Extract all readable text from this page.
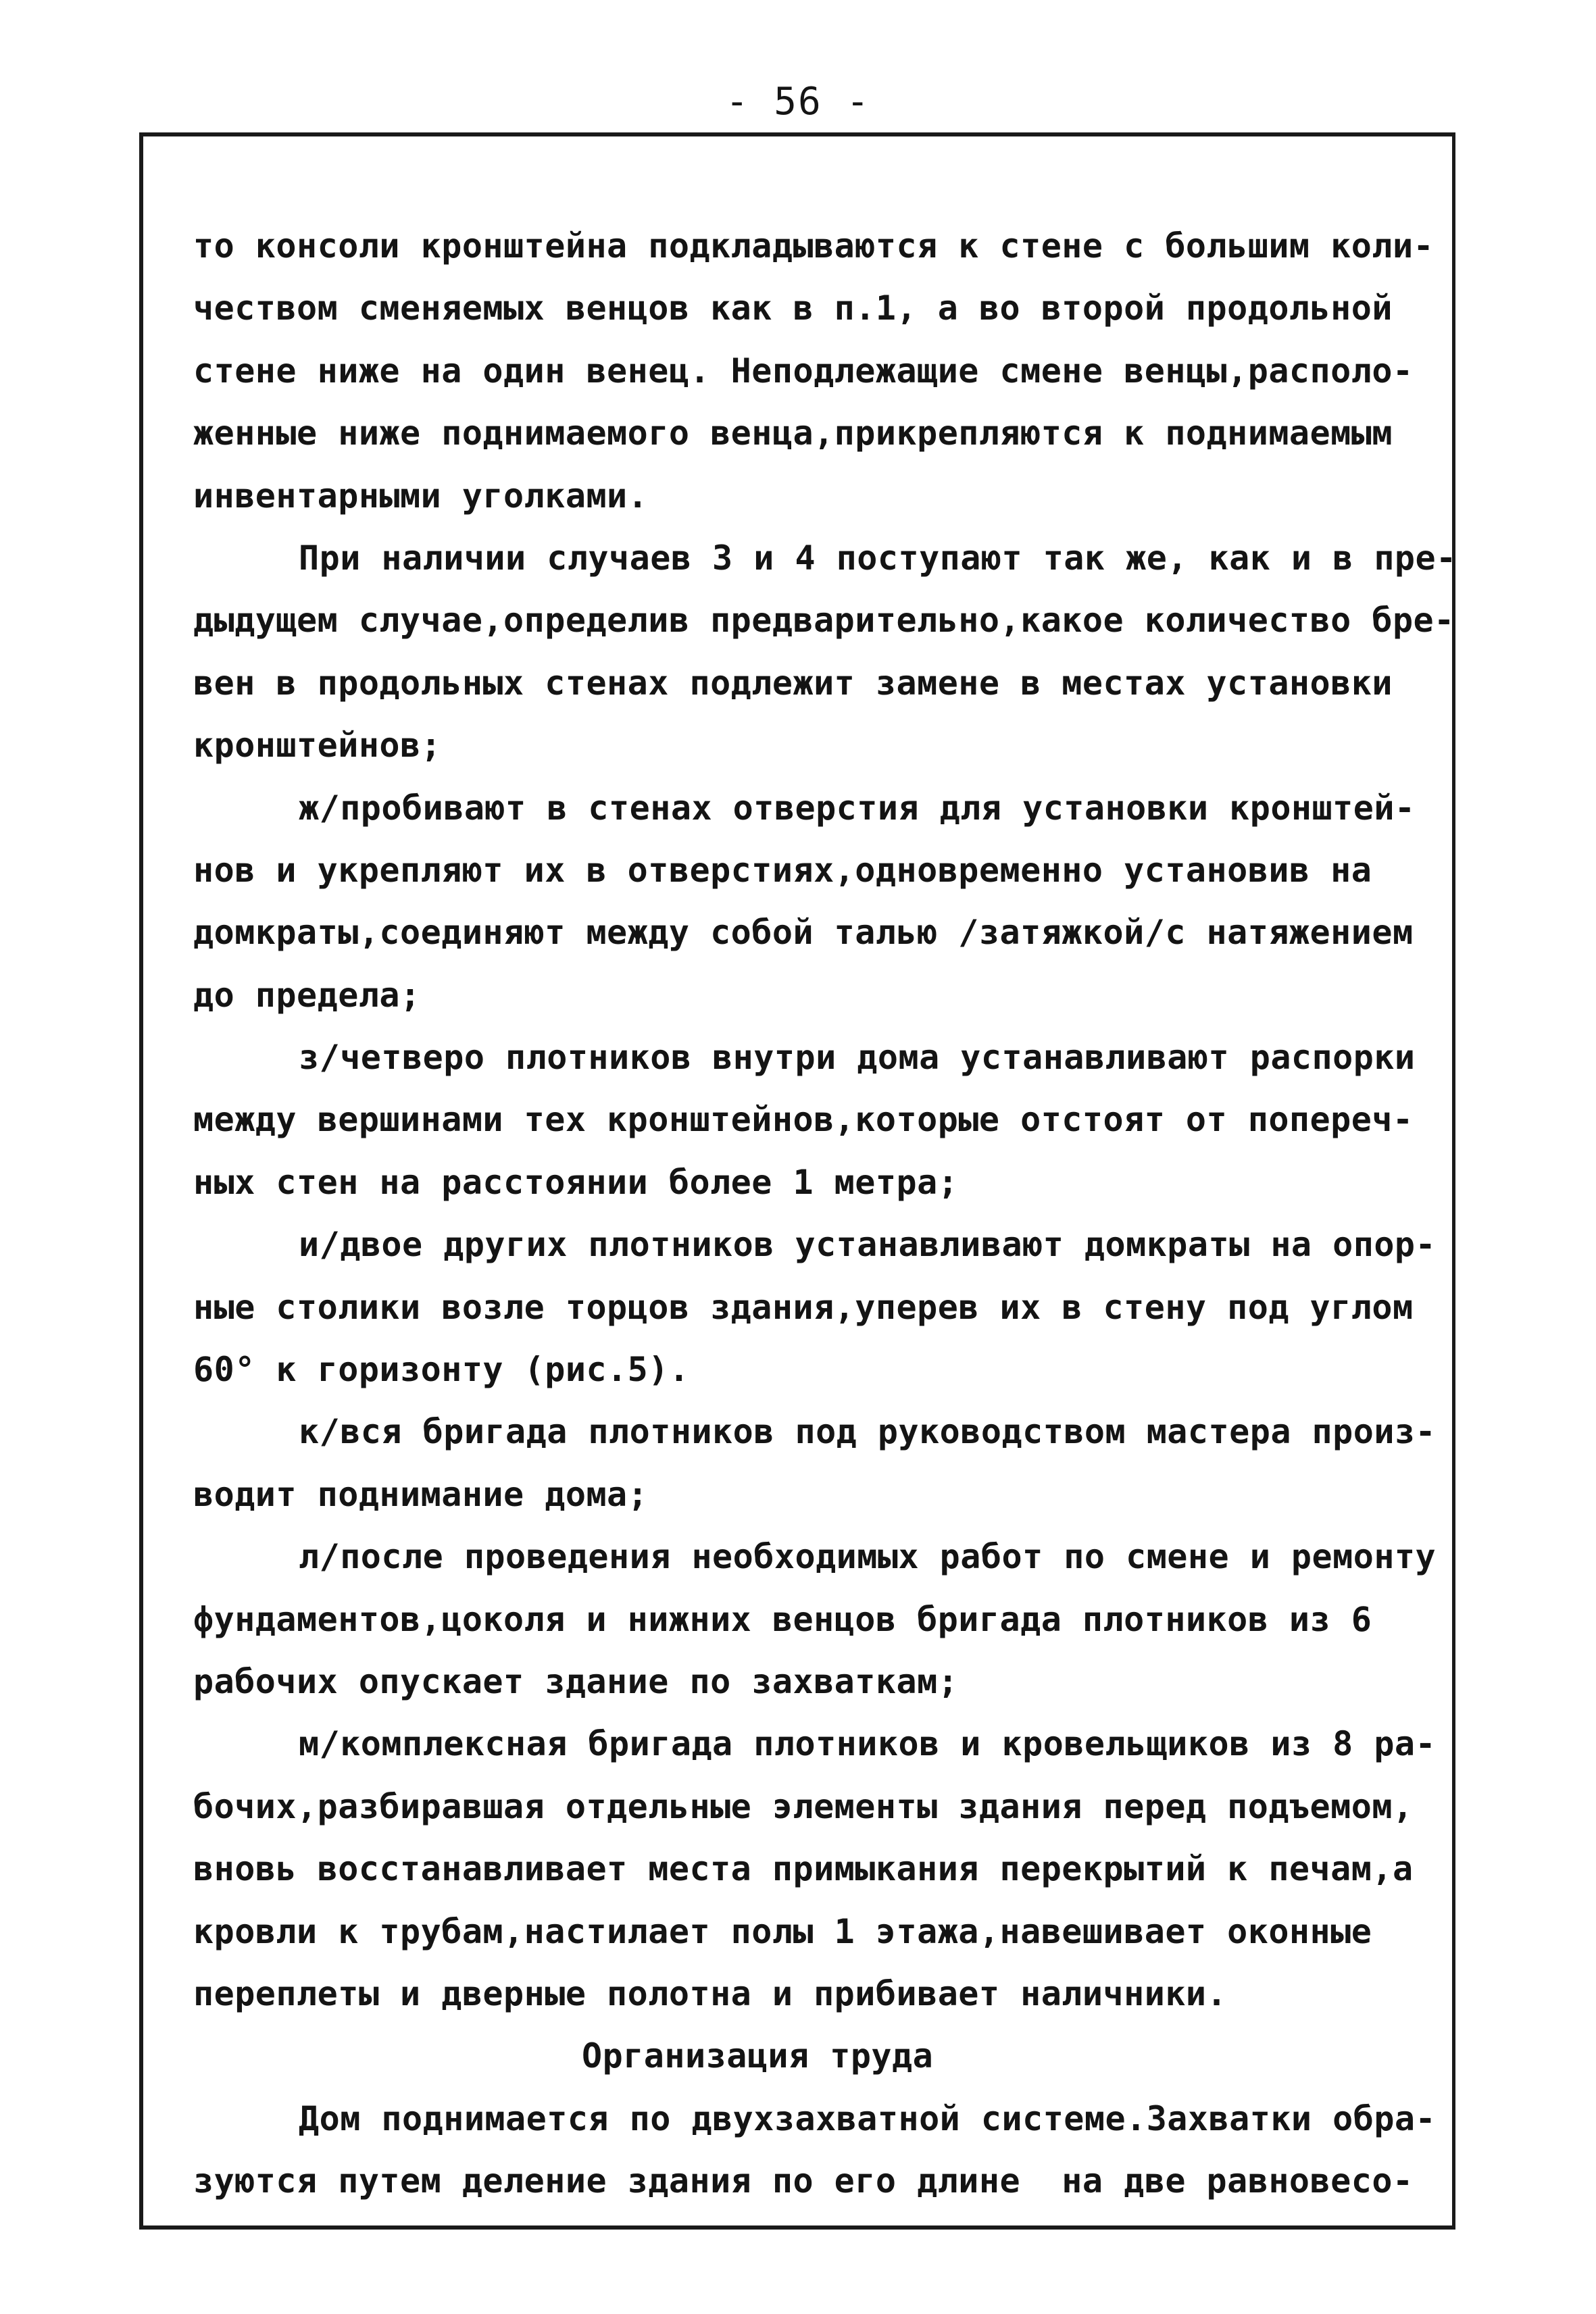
- 56 -
то консоли кронштейна подкладываются к стене с большим коли-
чеством сменяемых венцов как в п.1, а во второй продольной
стене ниже на один венец. Неподлежащие смене венцы,располо-
женные ниже поднимаемого венца,прикрепляются к поднимаемым
инвентарными уголками.
При наличии случаев 3 и 4 поступают так же, как и в пре-
дыдущем случае,определив предварительно,какое количество бре-
вен в продольных стенах подлежит замене в местах установки
кронштейнов;
ж/пробивают в стенах отверстия для установки кронштей-
нов и укрепляют их в отверстиях,одновременно установив на
домкраты,соединяют между собой талью /затяжкой/с натяжением
до предела;
з/четверо плотников внутри дома устанавливают распорки
между вершинами тех кронштейнов,которые отстоят от попереч-
ных стен на расстоянии более 1 метра;
и/двое других плотников устанавливают домкраты на опор-
ные столики возле торцов здания,уперев их в стену под углом
60° к горизонту (рис.5).
к/вся бригада плотников под руководством мастера произ-
водит поднимание дома;
л/после проведения необходимых работ по смене и ремонту
фундаментов,цоколя и нижних венцов бригада плотников из 6
рабочих опускает здание по захваткам;
м/комплексная бригада плотников и кровельщиков из 8 ра-
бочих,разбиравшая отдельные элементы здания перед подъемом,
вновь восстанавливает места примыкания перекрытий к печам,а
кровли к трубам,настилает полы 1 этажа,навешивает оконные
переплеты и дверные полотна и прибивает наличники.
Организация труда
Дом поднимается по двухзахватной системе.Захватки обра-
зуются путем деление здания по его длине  на две равновесо-
